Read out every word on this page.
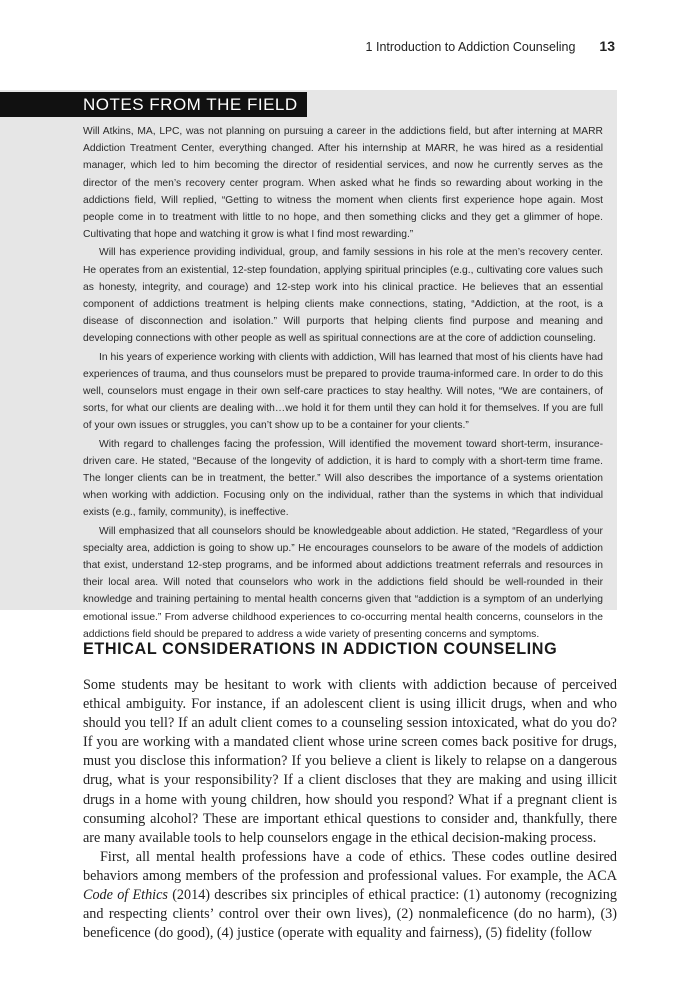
1 Introduction to Addiction Counseling 13
NOTES FROM THE FIELD

Will Atkins, MA, LPC, was not planning on pursuing a career in the addictions field, but after interning at MARR Addiction Treatment Center, everything changed. After his internship at MARR, he was hired as a residential manager, which led to him becoming the director of residential services, and now he currently serves as the director of the men’s recovery center program. When asked what he finds so rewarding about working in the addictions field, Will replied, “Getting to witness the moment when clients first experience hope again. Most people come in to treatment with little to no hope, and then something clicks and they get a glimmer of hope. Cultivating that hope and watching it grow is what I find most rewarding.”

Will has experience providing individual, group, and family sessions in his role at the men’s recovery center. He operates from an existential, 12-step foundation, applying spiritual principles (e.g., cultivating core values such as honesty, integrity, and courage) and 12-step work into his clinical practice. He believes that an essential component of addictions treatment is helping clients make connections, stating, “Addiction, at the root, is a disease of disconnection and isolation.” Will purports that helping clients find purpose and meaning and developing connections with other people as well as spiritual connections are at the core of addiction counseling.

In his years of experience working with clients with addiction, Will has learned that most of his clients have had experiences of trauma, and thus counselors must be prepared to provide trauma-informed care. In order to do this well, counselors must engage in their own self-care practices to stay healthy. Will notes, “We are containers, of sorts, for what our clients are dealing with…we hold it for them until they can hold it for themselves. If you are full of your own issues or struggles, you can’t show up to be a container for your clients.”

With regard to challenges facing the profession, Will identified the movement toward short-term, insurance-driven care. He stated, “Because of the longevity of addiction, it is hard to comply with a short-term time frame. The longer clients can be in treatment, the better.” Will also describes the importance of a systems orientation when working with addiction. Focusing only on the individual, rather than the systems in which that individual exists (e.g., family, community), is ineffective.

Will emphasized that all counselors should be knowledgeable about addiction. He stated, “Regardless of your specialty area, addiction is going to show up.” He encourages counselors to be aware of the models of addiction that exist, understand 12-step programs, and be informed about addictions treatment referrals and resources in their local area. Will noted that counselors who work in the addictions field should be well-rounded in their knowledge and training pertaining to mental health concerns given that “addiction is a symptom of an underlying emotional issue.” From adverse childhood experiences to co-occurring mental health concerns, counselors in the addictions field should be prepared to address a wide variety of presenting concerns and symptoms.

ETHICAL CONSIDERATIONS IN ADDICTION COUNSELING

Some students may be hesitant to work with clients with addiction because of perceived ethical ambiguity. For instance, if an adolescent client is using illicit drugs, when and who should you tell? If an adult client comes to a counseling session intoxicated, what do you do? If you are working with a mandated client whose urine screen comes back positive for drugs, must you disclose this information? If you believe a client is likely to relapse on a dangerous drug, what is your responsibility? If a client discloses that they are making and using illicit drugs in a home with young children, how should you respond? What if a pregnant client is consuming alcohol? These are important ethical questions to consider and, thankfully, there are many available tools to help counselors engage in the ethical decision-making process.

First, all mental health professions have a code of ethics. These codes outline desired behaviors among members of the profession and professional values. For example, the ACA Code of Ethics (2014) describes six principles of ethical practice: (1) autonomy (recognizing and respecting clients’ control over their own lives), (2) nonmaleficence (do no harm), (3) beneficence (do good), (4) justice (operate with equality and fairness), (5) fidelity (follow
